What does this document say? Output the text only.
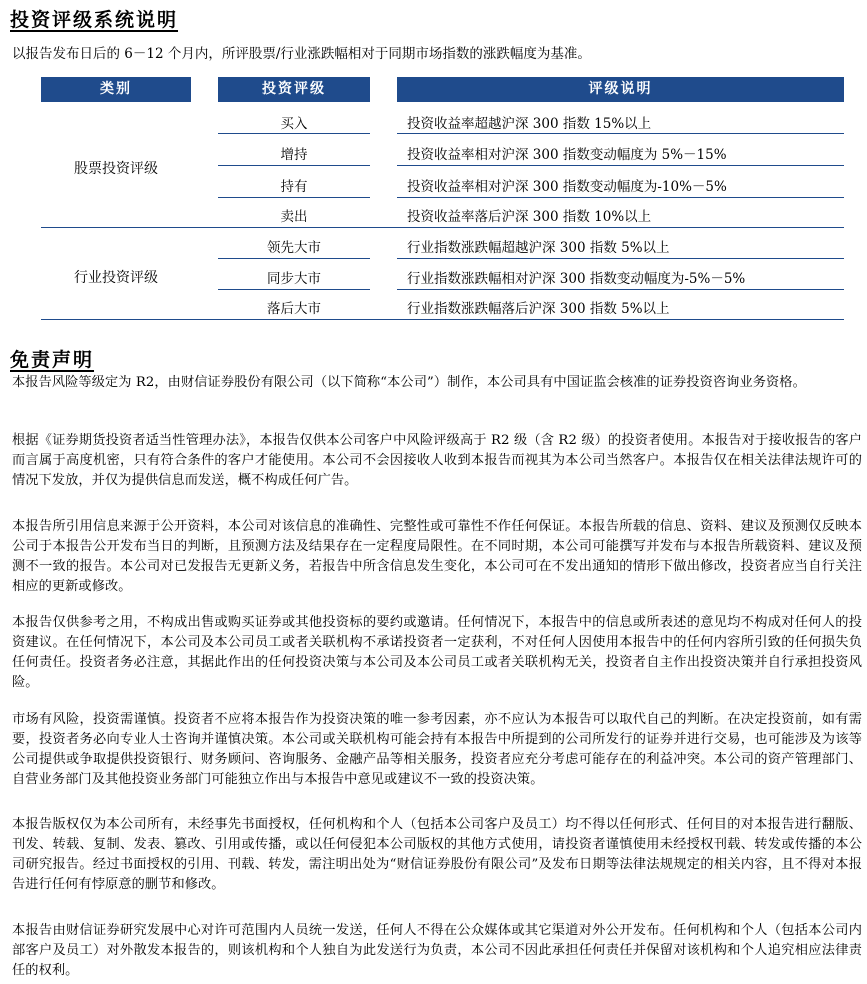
投资评级系统说明
以报告发布日后的 6－12 个月内，所评股票/行业涨跌幅相对于同期市场指数的涨跌幅度为基准。
类别	投资评级	评级说明
股票投资评级
买入	投资收益率超越沪深 300 指数 15%以上
增持	投资收益率相对沪深 300 指数变动幅度为 5%－15%
持有	投资收益率相对沪深 300 指数变动幅度为-10%－5%
卖出	投资收益率落后沪深 300 指数 10%以上
行业投资评级
领先大市	行业指数涨跌幅超越沪深 300 指数 5%以上
同步大市	行业指数涨跌幅相对沪深 300 指数变动幅度为-5%－5%
落后大市	行业指数涨跌幅落后沪深 300 指数 5%以上
免责声明

本报告风险等级定为 R2，由财信证券股份有限公司（以下简称“本公司”）制作，本公司具有中国证监会核准的证券投资咨询业务资格。

根据《证券期货投资者适当性管理办法》，本报告仅供本公司客户中风险评级高于 R2 级（含 R2 级）的投资者使用。本报告对于接收报告的客户而言属于高度机密，只有符合条件的客户才能使用。本公司不会因接收人收到本报告而视其为本公司当然客户。本报告仅在相关法律法规许可的情况下发放，并仅为提供信息而发送，概不构成任何广告。

本报告所引用信息来源于公开资料，本公司对该信息的准确性、完整性或可靠性不作任何保证。本报告所载的信息、资料、建议及预测仅反映本公司于本报告公开发布当日的判断，且预测方法及结果存在一定程度局限性。在不同时期，本公司可能撰写并发布与本报告所载资料、建议及预测不一致的报告。本公司对已发报告无更新义务，若报告中所含信息发生变化，本公司可在不发出通知的情形下做出修改，投资者应当自行关注相应的更新或修改。

本报告仅供参考之用，不构成出售或购买证券或其他投资标的要约或邀请。任何情况下，本报告中的信息或所表述的意见均不构成对任何人的投资建议。在任何情况下，本公司及本公司员工或者关联机构不承诺投资者一定获利，不对任何人因使用本报告中的任何内容所引致的任何损失负任何责任。投资者务必注意，其据此作出的任何投资决策与本公司及本公司员工或者关联机构无关，投资者自主作出投资决策并自行承担投资风险。

市场有风险，投资需谨慎。投资者不应将本报告作为投资决策的唯一参考因素，亦不应认为本报告可以取代自己的判断。在决定投资前，如有需要，投资者务必向专业人士咨询并谨慎决策。本公司或关联机构可能会持有本报告中所提到的公司所发行的证券并进行交易，也可能涉及为该等公司提供或争取提供投资银行、财务顾问、咨询服务、金融产品等相关服务，投资者应充分考虑可能存在的利益冲突。本公司的资产管理部门、自营业务部门及其他投资业务部门可能独立作出与本报告中意见或建议不一致的投资决策。

本报告版权仅为本公司所有，未经事先书面授权，任何机构和个人（包括本公司客户及员工）均不得以任何形式、任何目的对本报告进行翻版、刊发、转载、复制、发表、篡改、引用或传播，或以任何侵犯本公司版权的其他方式使用，请投资者谨慎使用未经授权刊载、转发或传播的本公司研究报告。经过书面授权的引用、刊载、转发，需注明出处为“财信证券股份有限公司”及发布日期等法律法规规定的相关内容，且不得对本报告进行任何有悖原意的删节和修改。

本报告由财信证券研究发展中心对许可范围内人员统一发送，任何人不得在公众媒体或其它渠道对外公开发布。任何机构和个人（包括本公司内部客户及员工）对外散发本报告的，则该机构和个人独自为此发送行为负责，本公司不因此承担任何责任并保留对该机构和个人追究相应法律责任的权利。
